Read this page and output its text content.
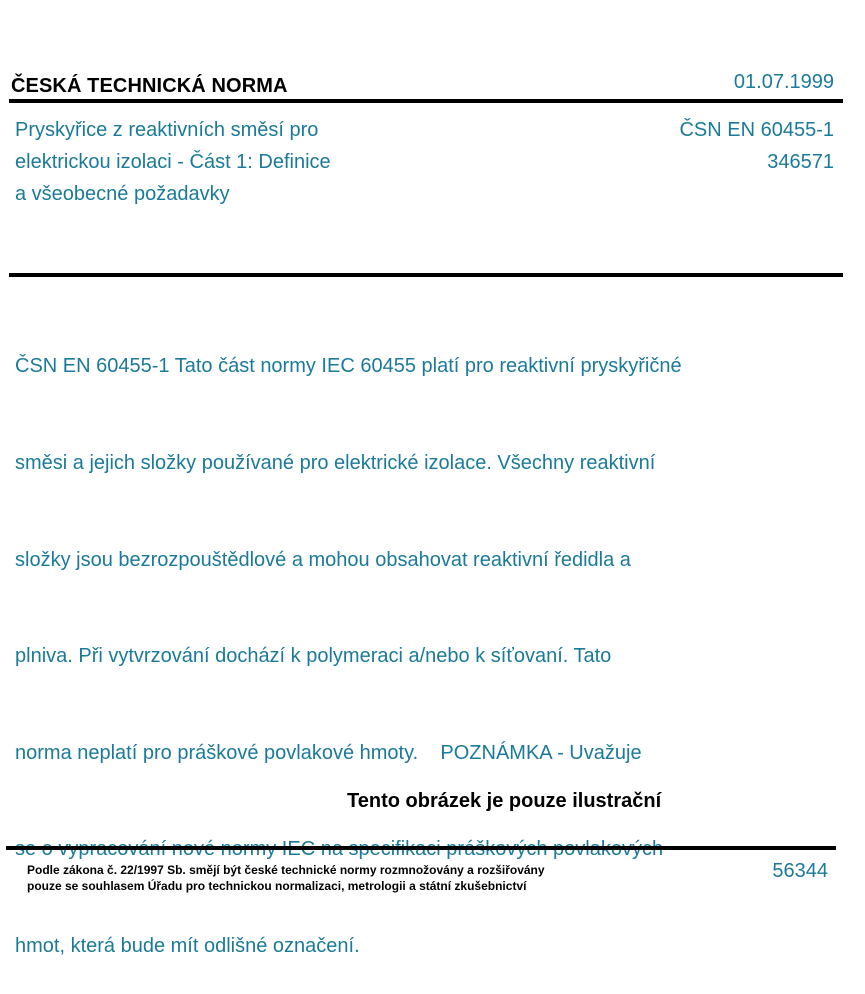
ČESKÁ TECHNICKÁ NORMA	01.07.1999
Pryskyřice z reaktivních směsí pro
elektrickou izolaci - Část 1: Definice
a všeobecné požadavky
ČSN EN 60455-1
346571

ČSN EN 60455-1 Tato část normy IEC 60455 platí pro reaktivní pryskyřičné

směsi a jejich složky používané pro elektrické izolace. Všechny reaktivní

složky jsou bezrozpouštědlové a mohou obsahovat reaktivní ředidla a

plniva. Při vytvrzování dochází k polymeraci a/nebo k síťovaní. Tato

norma neplatí pro práškové povlakové hmoty.    POZNÁMKA - Uvažuje

hmot, která bude mít odlišné označení.

Tento obrázek je pouze ilustrační
Podle zákona č. 22/1997 Sb. smějí být české technické normy rozmnožovány a rozšiřovány
pouze se souhlasem Úřadu pro technickou normalizaci, metrologii a státní zkušebnictví
56344
